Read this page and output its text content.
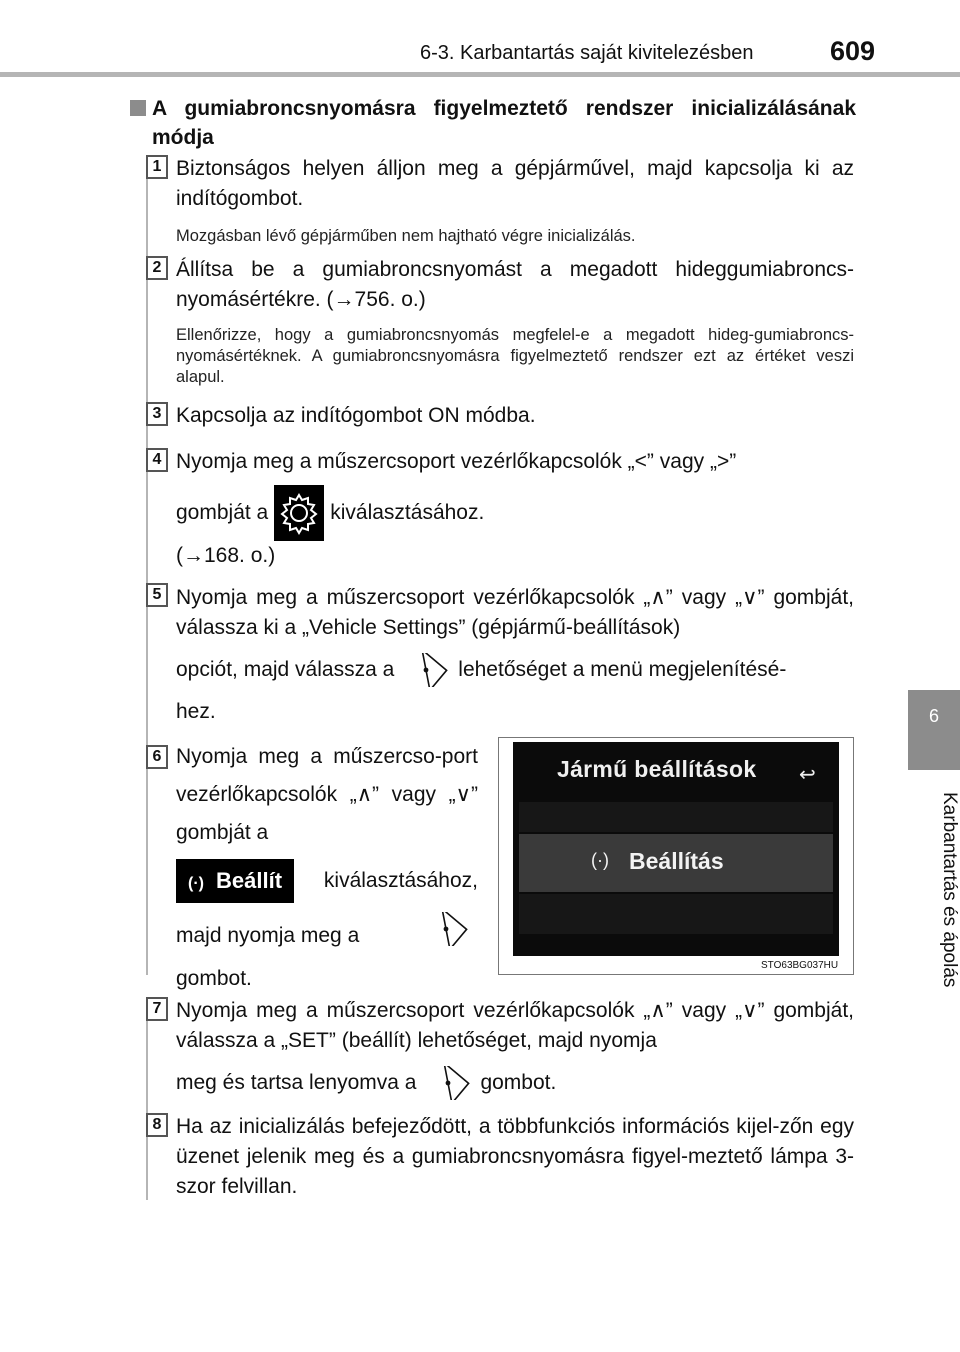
6-3. Karbantartás saját kivitelezésben	609
6
Karbantartás és ápolás
A gumiabroncsnyomásra figyelmeztető rendszer inicializálásának módja
1
2
3
4
5
6
7
8
Biztonságos helyen álljon meg a gépjárművel, majd kapcsolja ki az indítógombot.
Mozgásban lévő gépjárműben nem hajtható végre inicializálás.
Állítsa be a gumiabroncsnyomást a megadott hideggumiabroncs-nyomásértékre. (→756. o.)
Ellenőrizze, hogy a gumiabroncsnyomás megfelel-e a megadott hideg-gumiabroncs-nyomásértéknek. A gumiabroncsnyomásra figyelmeztető rendszer ezt az értéket veszi alapul.
Kapcsolja az indítógombot ON módba.
Nyomja meg a műszercsoport vezérlőkapcsolók „<” vagy „>”
gombját a	kiválasztásához.
(→168. o.)
Nyomja meg a műszercsoport vezérlőkapcsolók „∧” vagy „∨” gombját, válassza ki a „Vehicle Settings” (gépjármű-beállítások)
opciót, majd válassza a	lehetőséget a menü megjelenítésé-
hez.
Nyomja meg a műszercso-port vezérlőkapcsolók „∧” vagy „∨” gombját a
(·) Beállít kiválasztásához,
majd nyomja meg a
gombot.
Jármű beállítások ↩
(·) Beállítás
STO63BG037HU
Nyomja meg a műszercsoport vezérlőkapcsolók „∧” vagy „∨” gombját, válassza a „SET” (beállít) lehetőséget, majd nyomja
meg és tartsa lenyomva a	gombot.
Ha az inicializálás befejeződött, a többfunkciós információs kijel-zőn egy üzenet jelenik meg és a gumiabroncsnyomásra figyel-meztető lámpa 3-szor felvillan.
